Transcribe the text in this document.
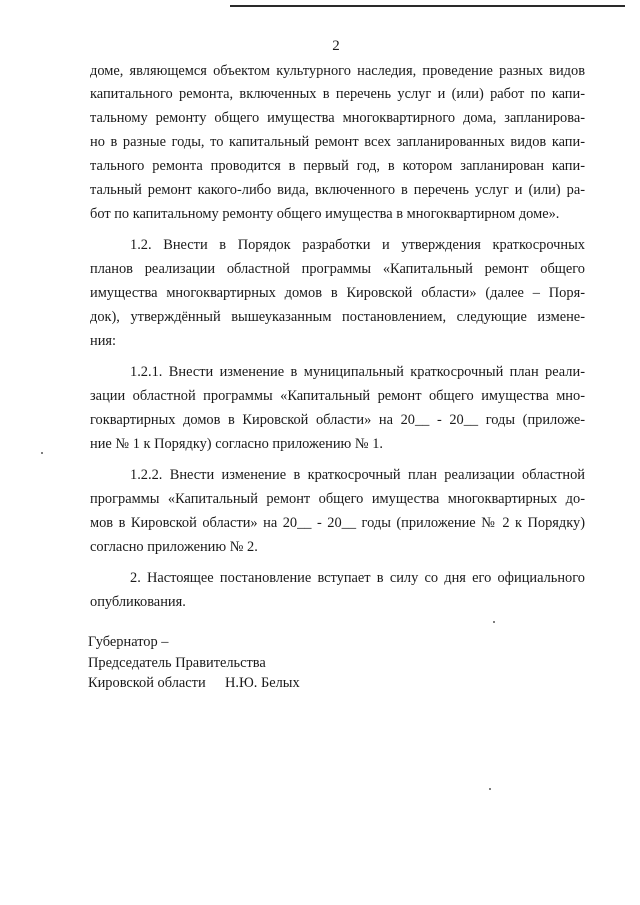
2
доме, являющемся объектом культурного наследия, проведение разных видов
капитального ремонта, включенных в перечень услуг и (или) работ по капи-
тальному ремонту общего имущества многоквартирного дома, запланирова-
но в разные годы, то капитальный ремонт всех запланированных видов капи-
тального ремонта проводится в первый год, в котором запланирован капи-
тальный ремонт какого-либо вида, включенного в перечень услуг и (или) ра-
бот по капитальному ремонту общего имущества в многоквартирном доме».
1.2. Внести в Порядок разработки и утверждения краткосрочных
планов реализации областной программы «Капитальный ремонт общего
имущества многоквартирных домов в Кировской области» (далее – Поря-
док), утверждённый вышеуказанным постановлением, следующие измене-
ния:
1.2.1. Внести изменение в муниципальный краткосрочный план реали-
зации областной программы «Капитальный ремонт общего имущества мно-
гоквартирных домов в Кировской области» на 20__ - 20__ годы (приложе-
ние № 1 к Порядку) согласно приложению № 1.
1.2.2. Внести изменение в краткосрочный план реализации областной
программы «Капитальный ремонт общего имущества многоквартирных до-
мов в Кировской области» на 20__ - 20__ годы (приложение № 2 к Порядку)
согласно приложению № 2.
2. Настоящее постановление вступает в силу со дня его официального
опубликования.
Губернатор –
Председатель Правительства
Кировской области Н.Ю. Белых
